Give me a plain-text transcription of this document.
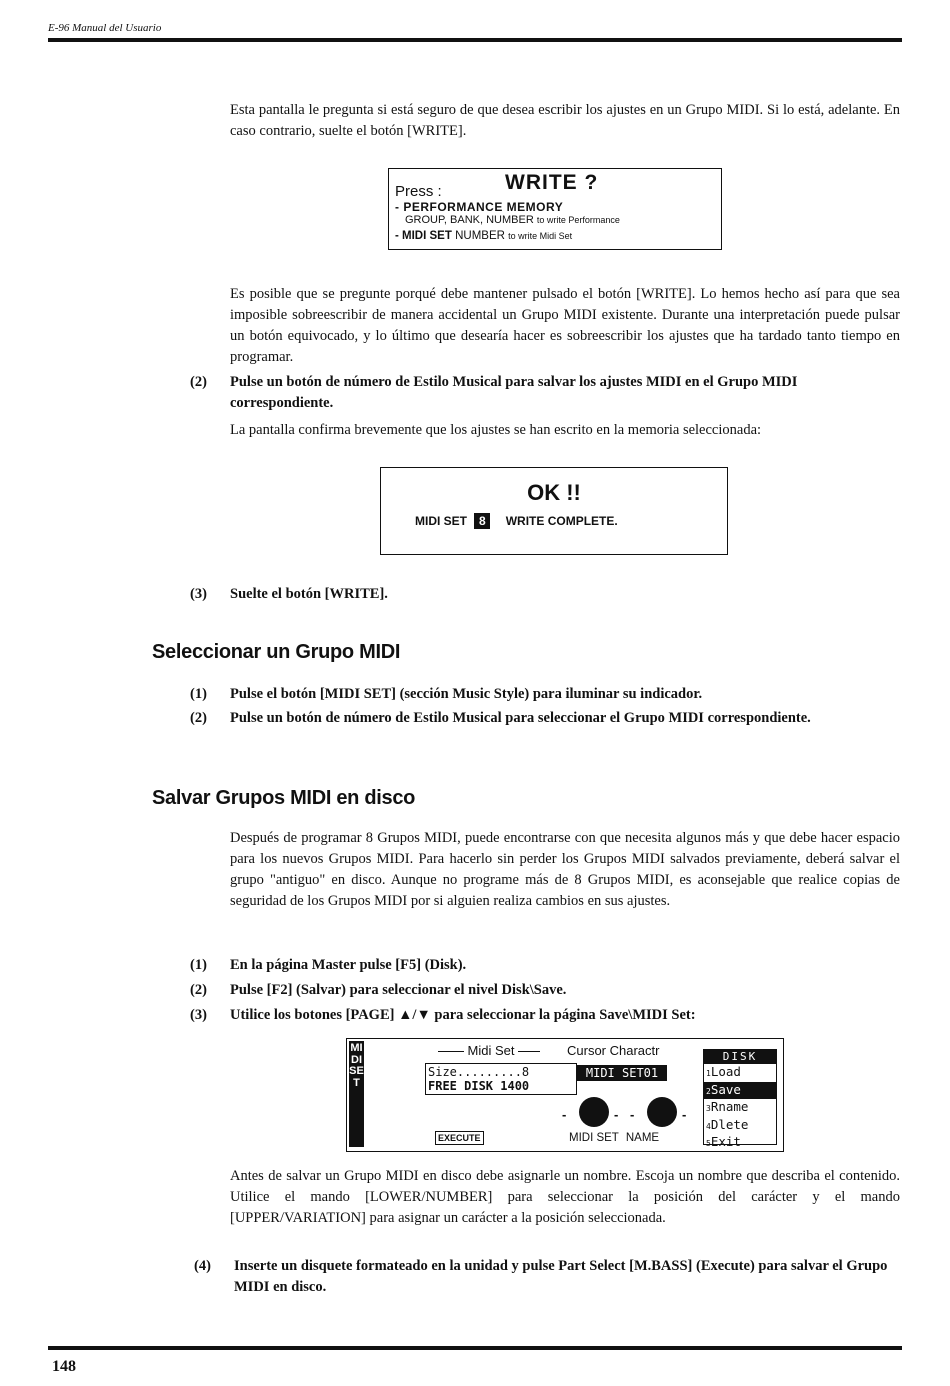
E-96 Manual del Usuario
Esta pantalla le pregunta si está seguro de que desea escribir los ajustes en un Grupo MIDI. Si lo está, adelante. En caso contrario, suelte el botón [WRITE].
Press :	WRITE ?
- PERFORMANCE MEMORY
GROUP, BANK, NUMBER to write Performance
- MIDI SET NUMBER to write Midi Set
Es posible que se pregunte porqué debe mantener pulsado el botón [WRITE]. Lo hemos hecho así para que sea imposible sobreescribir de manera accidental un Grupo MIDI existente. Durante una interpretación puede pulsar un botón equivocado, y lo último que desearía hacer es sobreescribir los ajustes que ha tardado tanto tiempo en programar.
(2) Pulse un botón de número de Estilo Musical para salvar los ajustes MIDI en el Grupo MIDI correspondiente.
La pantalla confirma brevemente que los ajustes se han escrito en la memoria seleccionada:
OK !!
MIDI SET 8 WRITE COMPLETE.
(3) Suelte el botón [WRITE].
Seleccionar un Grupo MIDI
(1) Pulse el botón [MIDI SET] (sección Music Style) para iluminar su indicador.
(2) Pulse un botón de número de Estilo Musical para seleccionar el Grupo MIDI correspondiente.
Salvar Grupos MIDI en disco
Después de programar 8 Grupos MIDI, puede encontrarse con que necesita algunos más y que debe hacer espacio para los nuevos Grupos MIDI. Para hacerlo sin perder los Grupos MIDI salvados previamente, deberá salvar el grupo "antiguo" en disco. Aunque no programe más de 8 Grupos MIDI, es aconsejable que realice copias de seguridad de los Grupos MIDI por si alguien realiza cambios en sus ajustes.
(1) En la página Master pulse [F5] (Disk).
(2) Pulse [F2] (Salvar) para seleccionar el nivel Disk\Save.
(3) Utilice los botones [PAGE] ▲/▼ para seleccionar la página Save\MIDI Set:
MIDI SET
Midi Set	Cursor Charactr
Size.........8
FREE DISK 1400
MIDI SET01
-	- -	-
MIDI SET NAME
EXECUTE
DISK
1Load
2Save
3Rname
4Dlete
5Exit
Antes de salvar un Grupo MIDI en disco debe asignarle un nombre. Escoja un nombre que describa el contenido. Utilice el mando [LOWER/NUMBER] para seleccionar la posición del carácter y el mando [UPPER/VARIATION] para asignar un carácter a la posición seleccionada.
(4) Inserte un disquete formateado en la unidad y pulse Part Select [M.BASS] (Execute) para salvar el Grupo MIDI en disco.
148
